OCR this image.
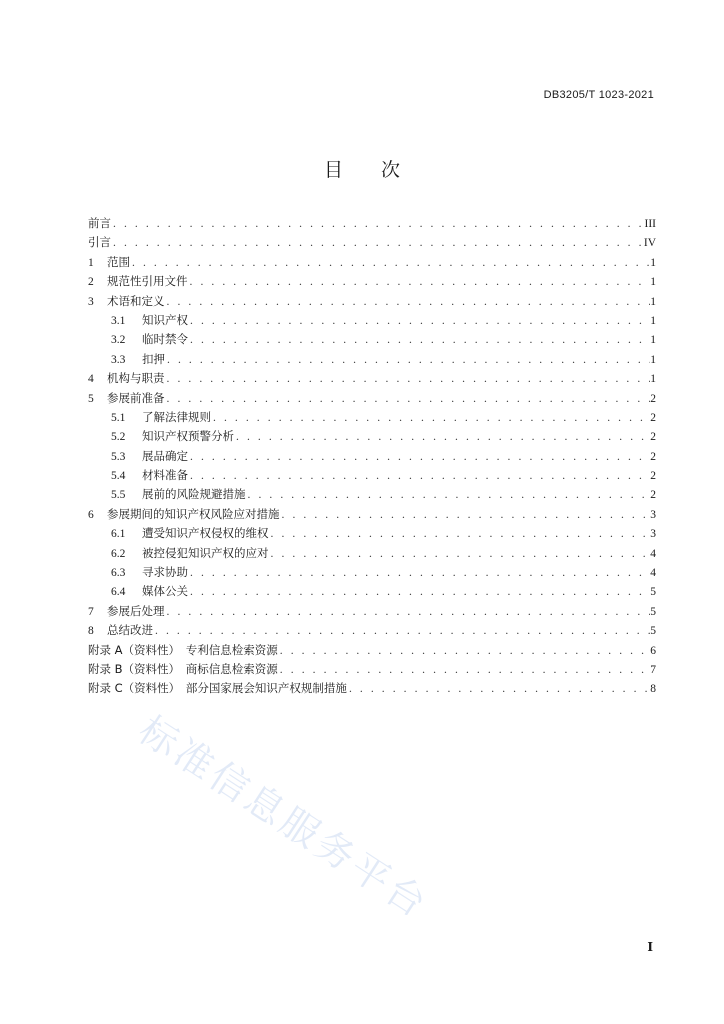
DB3205/T 1023-2021
目　　次
前言 . . .	III
引言 . . .	IV
1	范围 . . .	1
2	规范性引用文件 . . .	1
3	术语和定义 . . .	1
3.1	知识产权 . . .	1
3.2	临时禁令 . . .	1
3.3	扣押 . . .	1
4	机构与职责 . . .	1
5	参展前准备 . . .	2
5.1	了解法律规则 . . .	2
5.2	知识产权预警分析 . . .	2
5.3	展品确定 . . .	2
5.4	材料准备 . . .	2
5.5	展前的风险规避措施 . . .	2
6	参展期间的知识产权风险应对措施 . . .	3
6.1	遭受知识产权侵权的维权 . . .	3
6.2	被控侵犯知识产权的应对 . . .	4
6.3	寻求协助 . . .	4
6.4	媒体公关 . . .	5
7	参展后处理 . . .	5
8	总结改进 . . .	5
附录 A（资料性）　专利信息检索资源 . . .	6
附录 B（资料性）　商标信息检索资源 . . .	7
附录 C（资料性）　部分国家展会知识产权规制措施 . . .	8
I
标准信息服务平台
